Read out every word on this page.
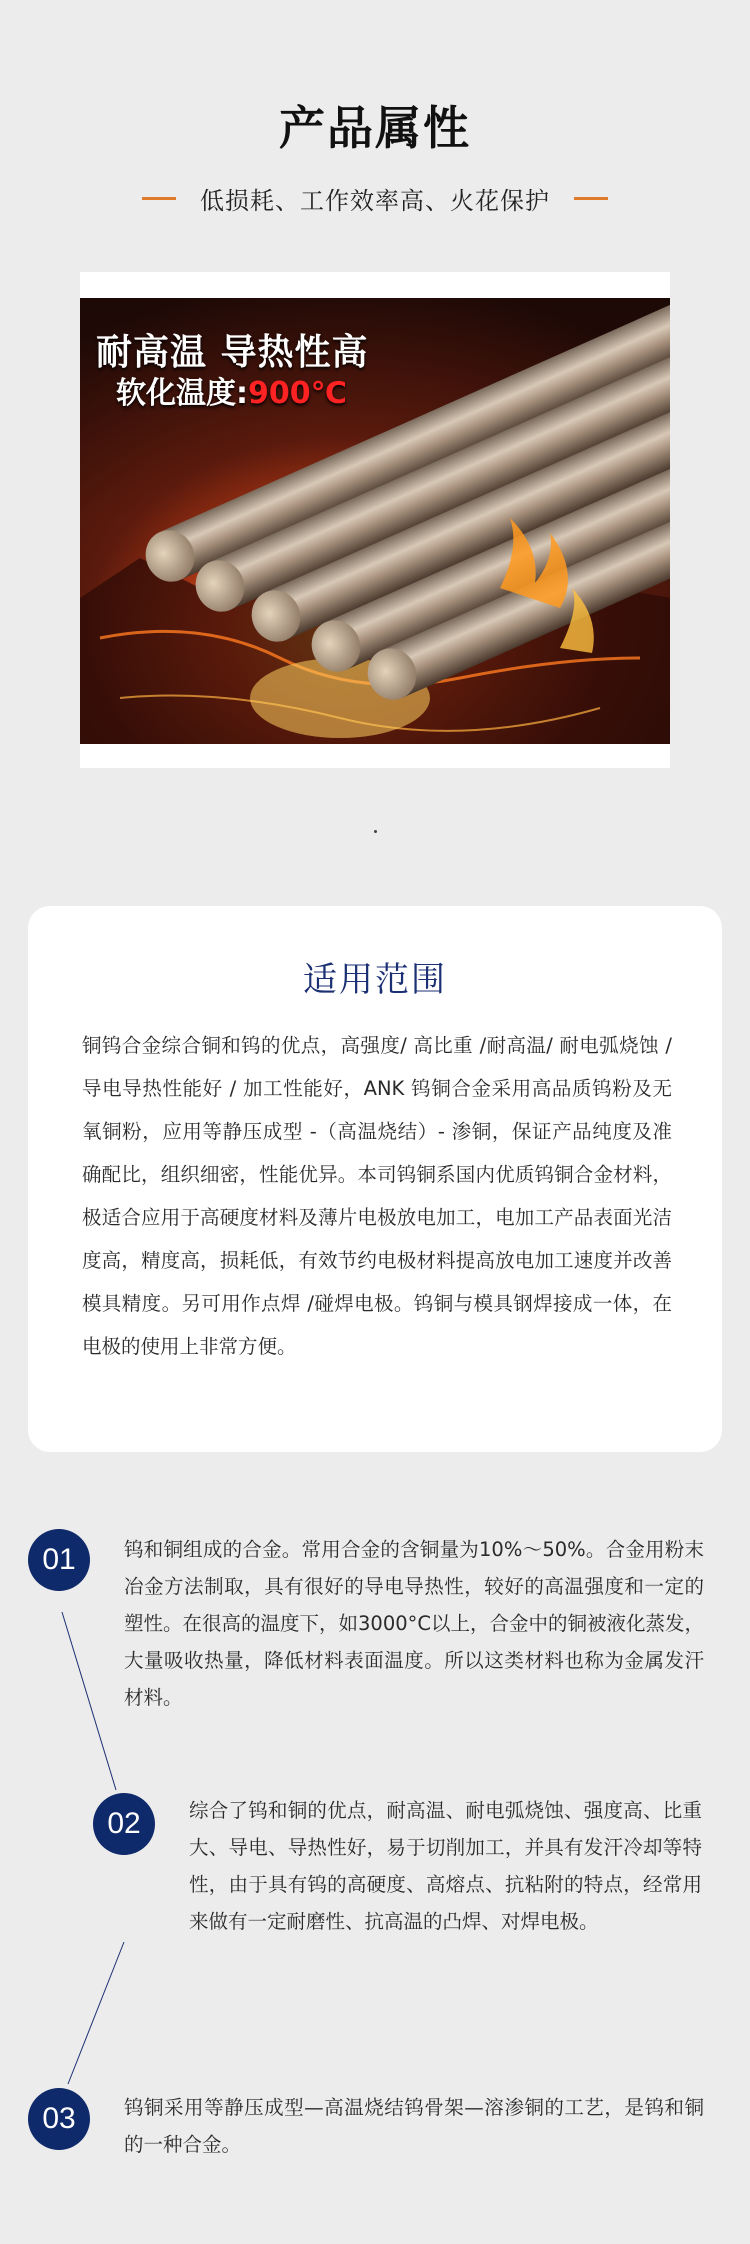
产品属性
低损耗、工作效率高、火花保护
耐高温 导热性高
软化温度:900℃
适用范围
铜钨合金综合铜和钨的优点，高强度/ 高比重 /耐高温/ 耐电弧烧蚀 / 导电导热性能好 / 加工性能好，ANK 钨铜合金采用高品质钨粉及无氧铜粉，应用等静压成型 -（高温烧结）- 渗铜，保证产品纯度及准确配比，组织细密，性能优异。本司钨铜系国内优质钨铜合金材料，极适合应用于高硬度材料及薄片电极放电加工，电加工产品表面光洁度高，精度高，损耗低，有效节约电极材料提高放电加工速度并改善模具精度。另可用作点焊 /碰焊电极。钨铜与模具钢焊接成一体，在电极的使用上非常方便。
01	钨和铜组成的合金。常用合金的含铜量为10%～50%。合金用粉末冶金方法制取，具有很好的导电导热性，较好的高温强度和一定的塑性。在很高的温度下，如3000°C以上，合金中的铜被液化蒸发，大量吸收热量，降低材料表面温度。所以这类材料也称为金属发汗材料。
02	综合了钨和铜的优点，耐高温、耐电弧烧蚀、强度高、比重大、导电、导热性好，易于切削加工，并具有发汗冷却等特性，由于具有钨的高硬度、高熔点、抗粘附的特点，经常用来做有一定耐磨性、抗高温的凸焊、对焊电极。
03	钨铜采用等静压成型—高温烧结钨骨架—溶渗铜的工艺，是钨和铜的一种合金。
